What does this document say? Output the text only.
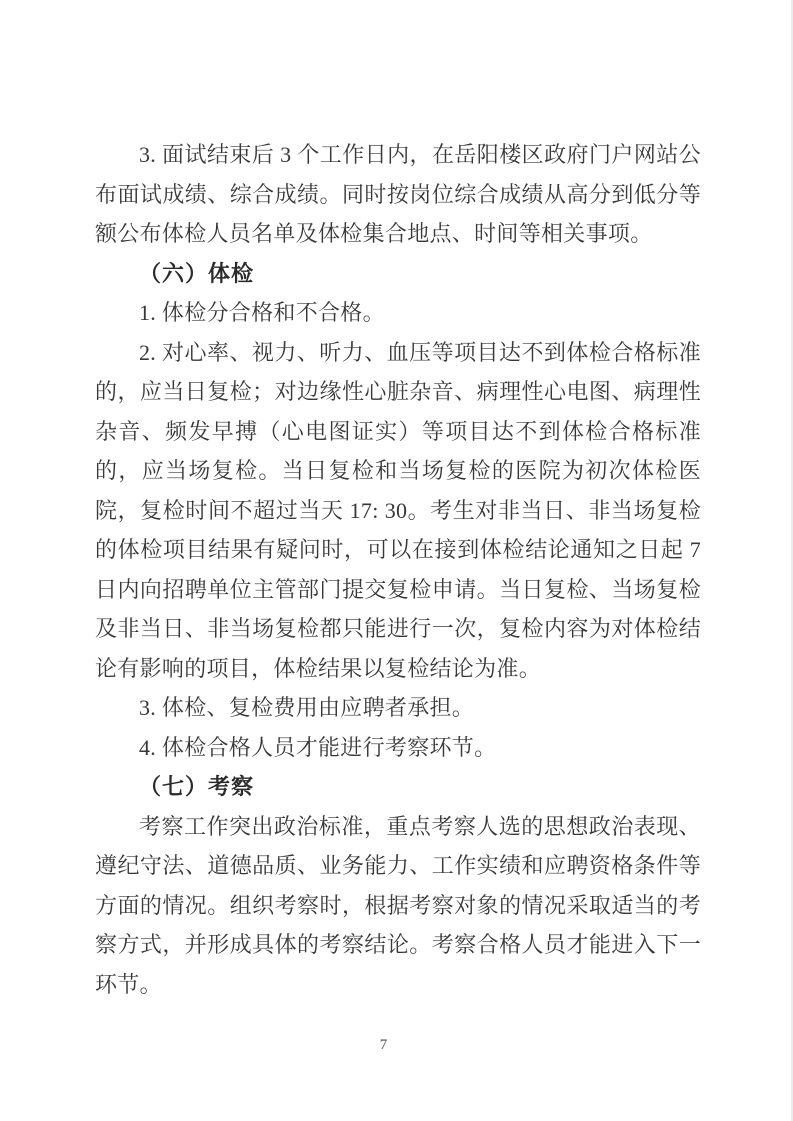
3. 面试结束后 3 个工作日内，在岳阳楼区政府门户网站公布面试成绩、综合成绩。同时按岗位综合成绩从高分到低分等额公布体检人员名单及体检集合地点、时间等相关事项。

（六）体检

1. 体检分合格和不合格。

2. 对心率、视力、听力、血压等项目达不到体检合格标准的，应当日复检；对边缘性心脏杂音、病理性心电图、病理性杂音、频发早搏（心电图证实）等项目达不到体检合格标准的，应当场复检。当日复检和当场复检的医院为初次体检医院，复检时间不超过当天 17: 30。考生对非当日、非当场复检的体检项目结果有疑问时，可以在接到体检结论通知之日起 7 日内向招聘单位主管部门提交复检申请。当日复检、当场复检及非当日、非当场复检都只能进行一次，复检内容为对体检结论有影响的项目，体检结果以复检结论为准。

3. 体检、复检费用由应聘者承担。

4. 体检合格人员才能进行考察环节。

（七）考察

考察工作突出政治标准，重点考察人选的思想政治表现、遵纪守法、道德品质、业务能力、工作实绩和应聘资格条件等方面的情况。组织考察时，根据考察对象的情况采取适当的考察方式，并形成具体的考察结论。考察合格人员才能进入下一环节。

7
